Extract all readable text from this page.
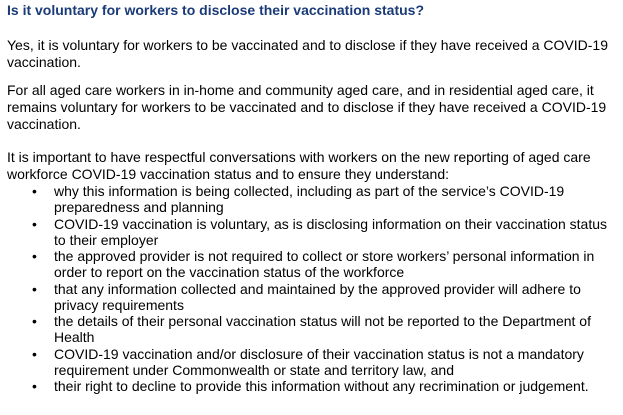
Is it voluntary for workers to disclose their vaccination status?

Yes, it is voluntary for workers to be vaccinated and to disclose if they have received a COVID-19 vaccination.

For all aged care workers in in-home and community aged care, and in residential aged care, it remains voluntary for workers to be vaccinated and to disclose if they have received a COVID-19 vaccination.

It is important to have respectful conversations with workers on the new reporting of aged care workforce COVID-19 vaccination status and to ensure they understand:

• why this information is being collected, including as part of the service’s COVID-19 preparedness and planning
• COVID-19 vaccination is voluntary, as is disclosing information on their vaccination status to their employer
• the approved provider is not required to collect or store workers’ personal information in order to report on the vaccination status of the workforce
• that any information collected and maintained by the approved provider will adhere to privacy requirements
• the details of their personal vaccination status will not be reported to the Department of Health
• COVID-19 vaccination and/or disclosure of their vaccination status is not a mandatory requirement under Commonwealth or state and territory law, and
• their right to decline to provide this information without any recrimination or judgement.
